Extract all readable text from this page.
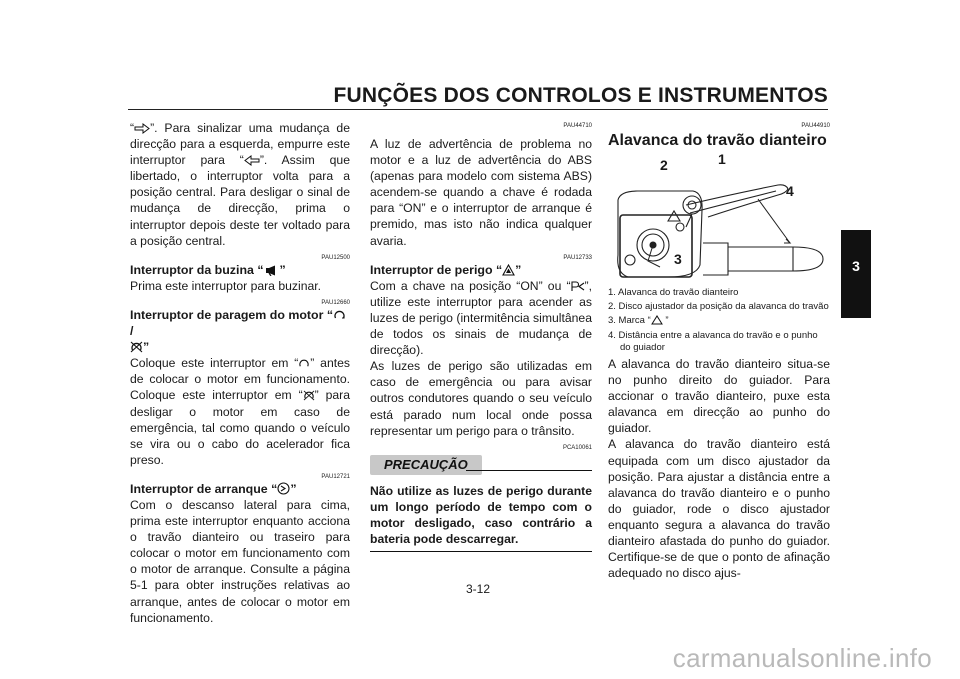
FUNÇÕES DOS CONTROLOS E INSTRUMENTOS
3

“ ”. Para sinalizar uma mudança de direcção para a esquerda, empurre este interruptor para “ ”. Assim que libertado, o interruptor volta para a posição central. Para desligar o sinal de mudança de direcção, prima o interruptor depois deste ter voltado para a posição central.

PAU12500
Interruptor da buzina “ ”

Prima este interruptor para buzinar.

PAU12660
Interruptor de paragem do motor “ /
”

Coloque este interruptor em “ ” antes de colocar o motor em funcionamento. Coloque este interruptor em “ ” para desligar o motor em caso de emergência, tal como quando o veículo se vira ou o cabo do acelerador fica preso.

PAU12721
Interruptor de arranque “ ”

Com o descanso lateral para cima, prima este interruptor enquanto acciona o travão dianteiro ou traseiro para colocar o motor em funcionamento com o motor de arranque. Consulte a página 5-1 para obter instruções relativas ao arranque, antes de colocar o motor em funcionamento.

PAU44710

A luz de advertência de problema no motor e a luz de advertência do ABS (apenas para modelo com sistema ABS) acendem-se quando a chave é rodada para “ON” e o interruptor de arranque é premido, mas isto não indica qualquer avaria.

PAU12733
Interruptor de perigo “ ”

Com a chave na posição “ON” ou “ ”, utilize este interruptor para acender as luzes de perigo (intermitência simultânea de todos os sinais de mudança de direcção).

As luzes de perigo são utilizadas em caso de emergência ou para avisar outros condutores quando o seu veículo está parado num local onde possa representar um perigo para o trânsito.

PCA10061
PRECAUÇÃO

Não utilize as luzes de perigo durante um longo período de tempo com o motor desligado, caso contrário a bateria pode descarregar.

PAU44910
Alavanca do travão dianteiro
2	1
4
3
1. Alavanca do travão dianteiro
2. Disco ajustador da posição da alavanca do travão
3. Marca “ ”
4. Distância entre a alavanca do travão e o punho do guiador

A alavanca do travão dianteiro situa-se no punho direito do guiador. Para accionar o travão dianteiro, puxe esta alavanca em direcção ao punho do guiador.

A alavanca do travão dianteiro está equipada com um disco ajustador da posição. Para ajustar a distância entre a alavanca do travão dianteiro e o punho do guiador, rode o disco ajustador enquanto segura a alavanca do travão dianteiro afastada do punho do guiador. Certifique-se de que o ponto de afinação adequado no disco ajus-

3-12
carmanualsonline.info
